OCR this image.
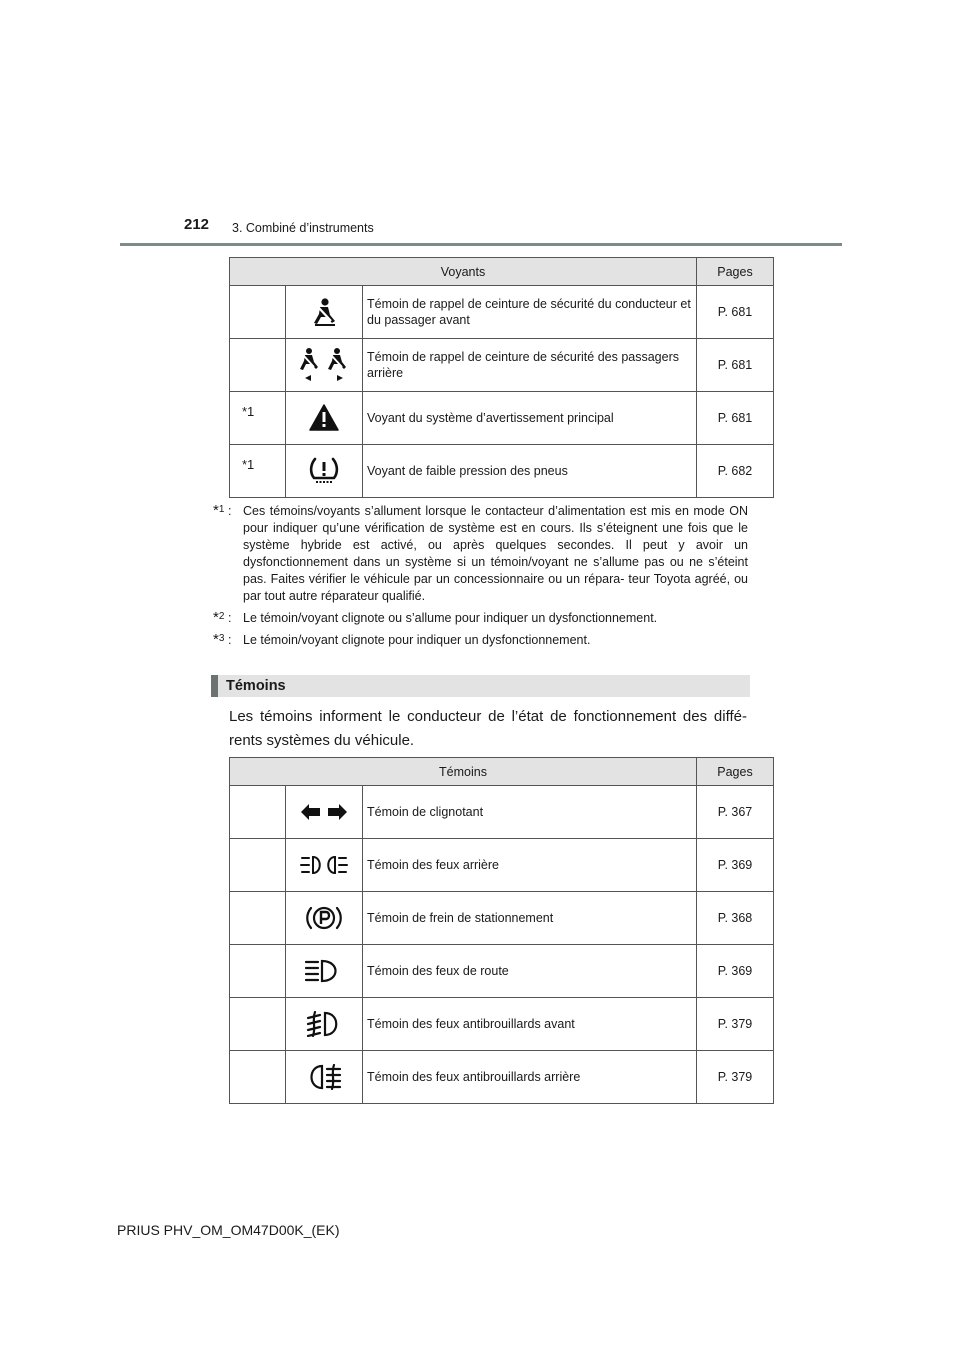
212 3. Combiné d’instruments
Voyants			Pages

	Témoin de rappel de ceinture de sécurité du conducteur et du passager avant	P. 681

	Témoin de rappel de ceinture de sécurité des passagers arrière	P. 681
*1		Voyant du système d’avertissement principal	P. 681
*1		Voyant de faible pression des pneus	P. 682
*$^1$ : Ces témoins/voyants s’allument lorsque le contacteur d’alimentation est mis en mode ON pour indiquer qu’une vérification de système est en cours. Ils s’éteignent une fois que le système hybride est activé, ou après quelques secondes. Il peut y avoir un dysfonctionnement dans un système si un témoin/voyant ne s’allume pas ou ne s’éteint pas. Faites vérifier le véhicule par un concessionnaire ou un répara- teur Toyota agréé, ou par tout autre réparateur qualifié.
*$^2$ : Le témoin/voyant clignote ou s’allume pour indiquer un dysfonctionnement.
*$^3$ : Le témoin/voyant clignote pour indiquer un dysfonctionnement.
Témoins
Les témoins informent le conducteur de l’état de fonctionnement des diffé- rents systèmes du véhicule.
Témoins			Pages

	Témoin de clignotant	P. 367

	Témoin des feux arrière	P. 369

	Témoin de frein de stationnement	P. 368

	Témoin des feux de route	P. 369

	Témoin des feux antibrouillards avant	P. 379

	Témoin des feux antibrouillards arrière	P. 379
PRIUS PHV_OM_OM47D00K_(EK)
